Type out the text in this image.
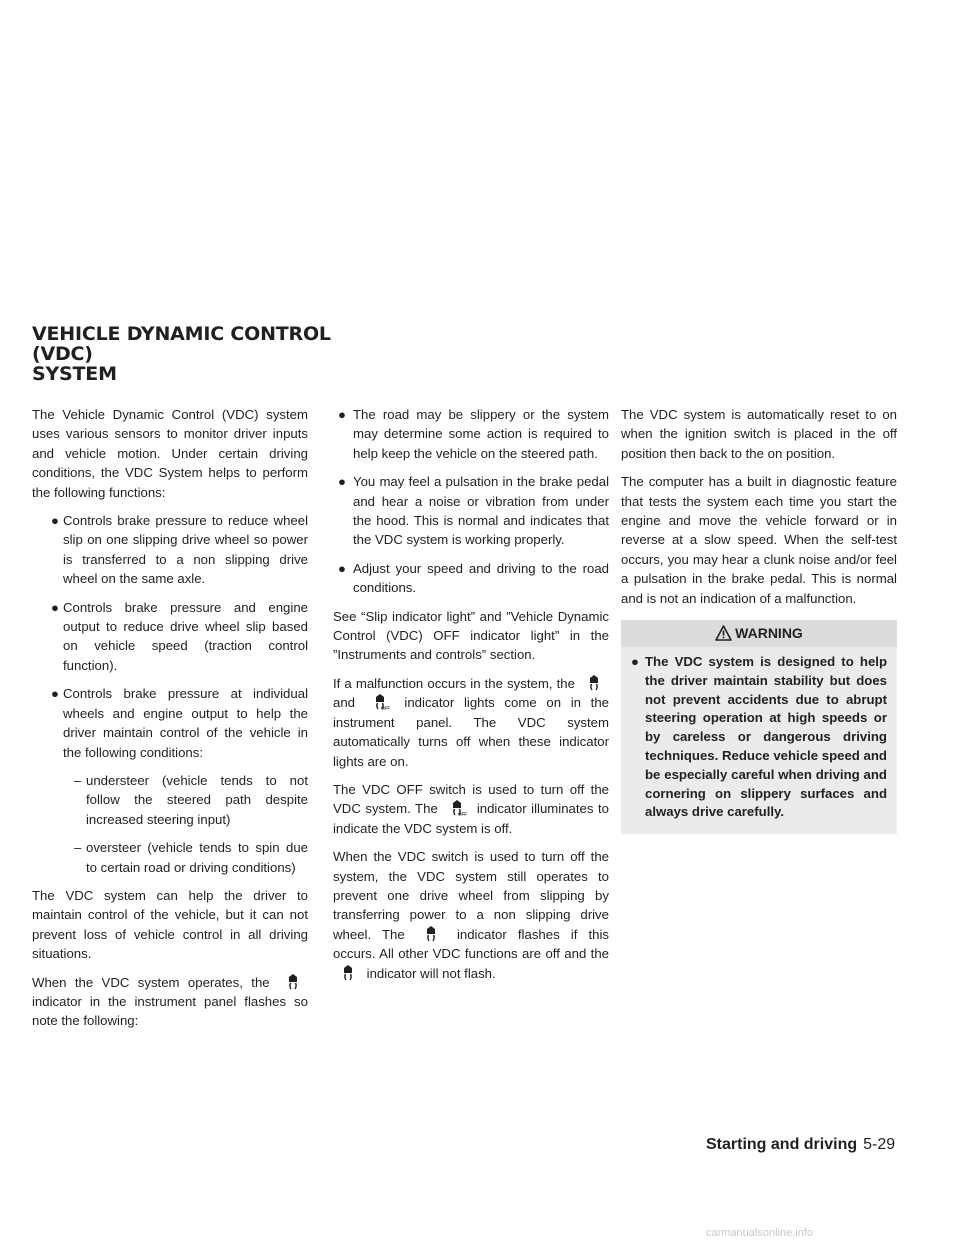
VEHICLE DYNAMIC CONTROL (VDC)
SYSTEM

The Vehicle Dynamic Control (VDC) system uses various sensors to monitor driver inputs and vehicle motion. Under certain driving conditions, the VDC System helps to perform the following functions:

● Controls brake pressure to reduce wheel slip on one slipping drive wheel so power is transferred to a non slipping drive wheel on the same axle.
● Controls brake pressure and engine output to reduce drive wheel slip based on vehicle speed (traction control function).
● Controls brake pressure at individual wheels and engine output to help the driver maintain control of the vehicle in the following conditions:
– understeer (vehicle tends to not follow the steered path despite increased steering input)
– oversteer (vehicle tends to spin due to certain road or driving conditions)

The VDC system can help the driver to maintain control of the vehicle, but it can not prevent loss of vehicle control in all driving situations.

When the VDC system operates, the
indicator in the instrument panel flashes so note the following:

● The road may be slippery or the system may determine some action is required to help keep the vehicle on the steered path.
● You may feel a pulsation in the brake pedal and hear a noise or vibration from under the hood. This is normal and indicates that the VDC system is working properly.
● Adjust your speed and driving to the road conditions.

See “Slip indicator light” and ”Vehicle Dynamic Control (VDC) OFF indicator light” in the ”Instruments and controls” section.

If a malfunction occurs in the system, the
and	OFF indicator lights come on in the instrument panel. The VDC system automatically turns off when these indicator lights are on.

The VDC OFF switch is used to turn off the VDC system. The	OFF indicator illuminates to indicate the VDC system is off.

When the VDC switch is used to turn off the system, the VDC system still operates to prevent one drive wheel from slipping by transferring power to a non slipping drive wheel. The	indicator flashes if this occurs. All other VDC functions are off and the
indicator will not flash.

The VDC system is automatically reset to on when the ignition switch is placed in the off position then back to the on position.

The computer has a built in diagnostic feature that tests the system each time you start the engine and move the vehicle forward or in reverse at a slow speed. When the self-test occurs, you may hear a clunk noise and/or feel a pulsation in the brake pedal. This is normal and is not an indication of a malfunction.

WARNING
● The VDC system is designed to help the driver maintain stability but does not prevent accidents due to abrupt steering operation at high speeds or by careless or dangerous driving techniques. Reduce vehicle speed and be especially careful when driving and cornering on slippery surfaces and always drive carefully.
Starting and driving 5-29
carmanualsonline.info
